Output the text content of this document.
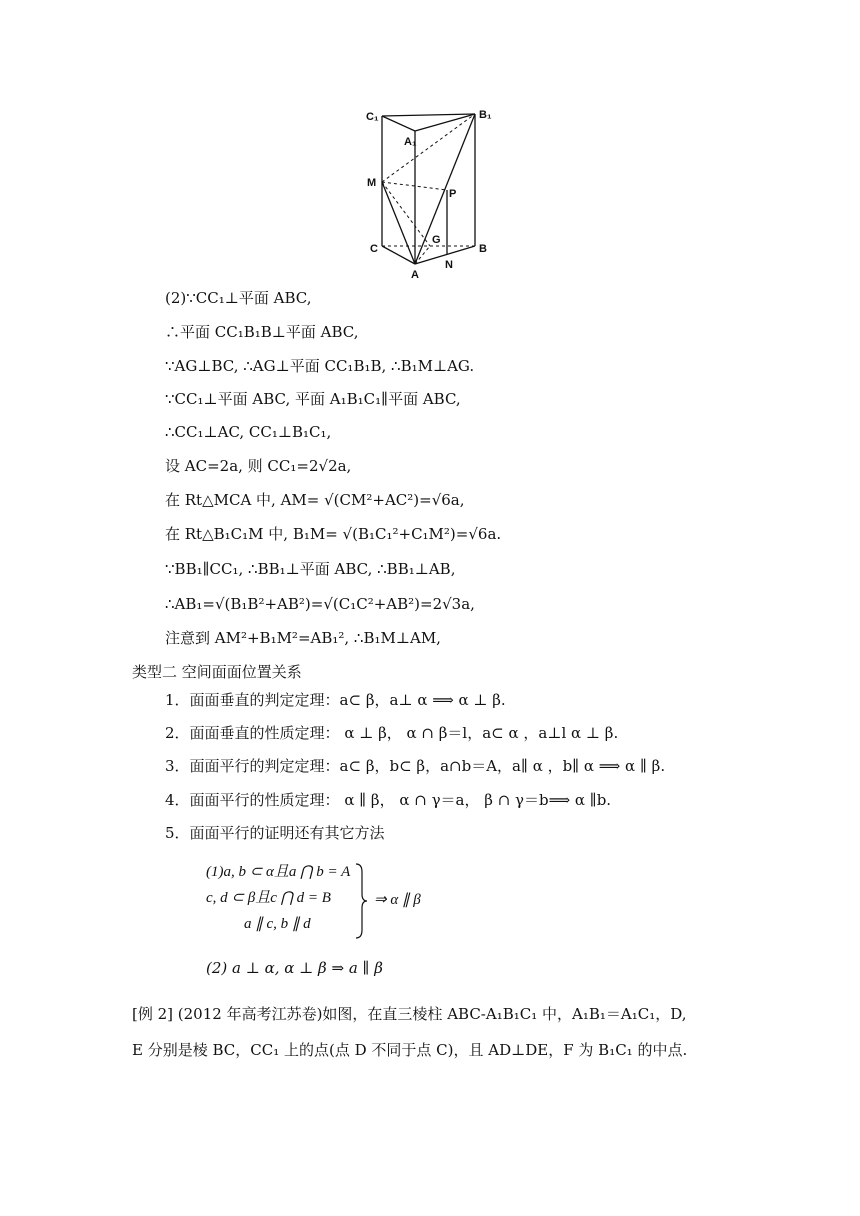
C₁	B₁
A₁
M
P
G
C	B
A
N
(2)∵CC₁⊥平面 ABC,
∴平面 CC₁B₁B⊥平面 ABC,
∵AG⊥BC, ∴AG⊥平面 CC₁B₁B, ∴B₁M⊥AG.
∵CC₁⊥平面 ABC, 平面 A₁B₁C₁∥平面 ABC,
∴CC₁⊥AC, CC₁⊥B₁C₁,
设 AC=2a, 则 CC₁=2√2a,
在 Rt△MCA 中, AM= √(CM²+AC²)=√6a,
在 Rt△B₁C₁M 中, B₁M= √(B₁C₁²+C₁M²)=√6a.
∵BB₁∥CC₁, ∴BB₁⊥平面 ABC, ∴BB₁⊥AB,
∴AB₁=√(B₁B²+AB²)=√(C₁C²+AB²)=2√3a,
注意到 AM²+B₁M²=AB₁², ∴B₁M⊥AM,
类型二 空间面面位置关系
1．面面垂直的判定定理：a⊂ β，a⊥ α ⟹ α ⊥ β.
2．面面垂直的性质定理： α ⊥ β， α ∩ β＝l，a⊂ α ，a⊥l α ⊥ β.
3．面面平行的判定定理：a⊂ β，b⊂ β，a∩b＝A，a∥ α ，b∥ α ⟹ α ∥ β.
4．面面平行的性质定理： α ∥ β， α ∩ γ＝a， β ∩ γ＝b⟹ α ∥b.
5．面面平行的证明还有其它方法
(1)a, b ⊂ α且a ⋂ b = A
c, d ⊂ β且c ⋂ d = B
a ∥ c, b ∥ d
⇒ α ∥ β
(2) a ⊥ α, α ⊥ β ⇒ a ∥ β
[例 2] (2012 年高考江苏卷)如图，在直三棱柱 ABC-A₁B₁C₁ 中，A₁B₁＝A₁C₁，D,
E 分别是棱 BC，CC₁ 上的点(点 D 不同于点 C)，且 AD⊥DE，F 为 B₁C₁ 的中点.
